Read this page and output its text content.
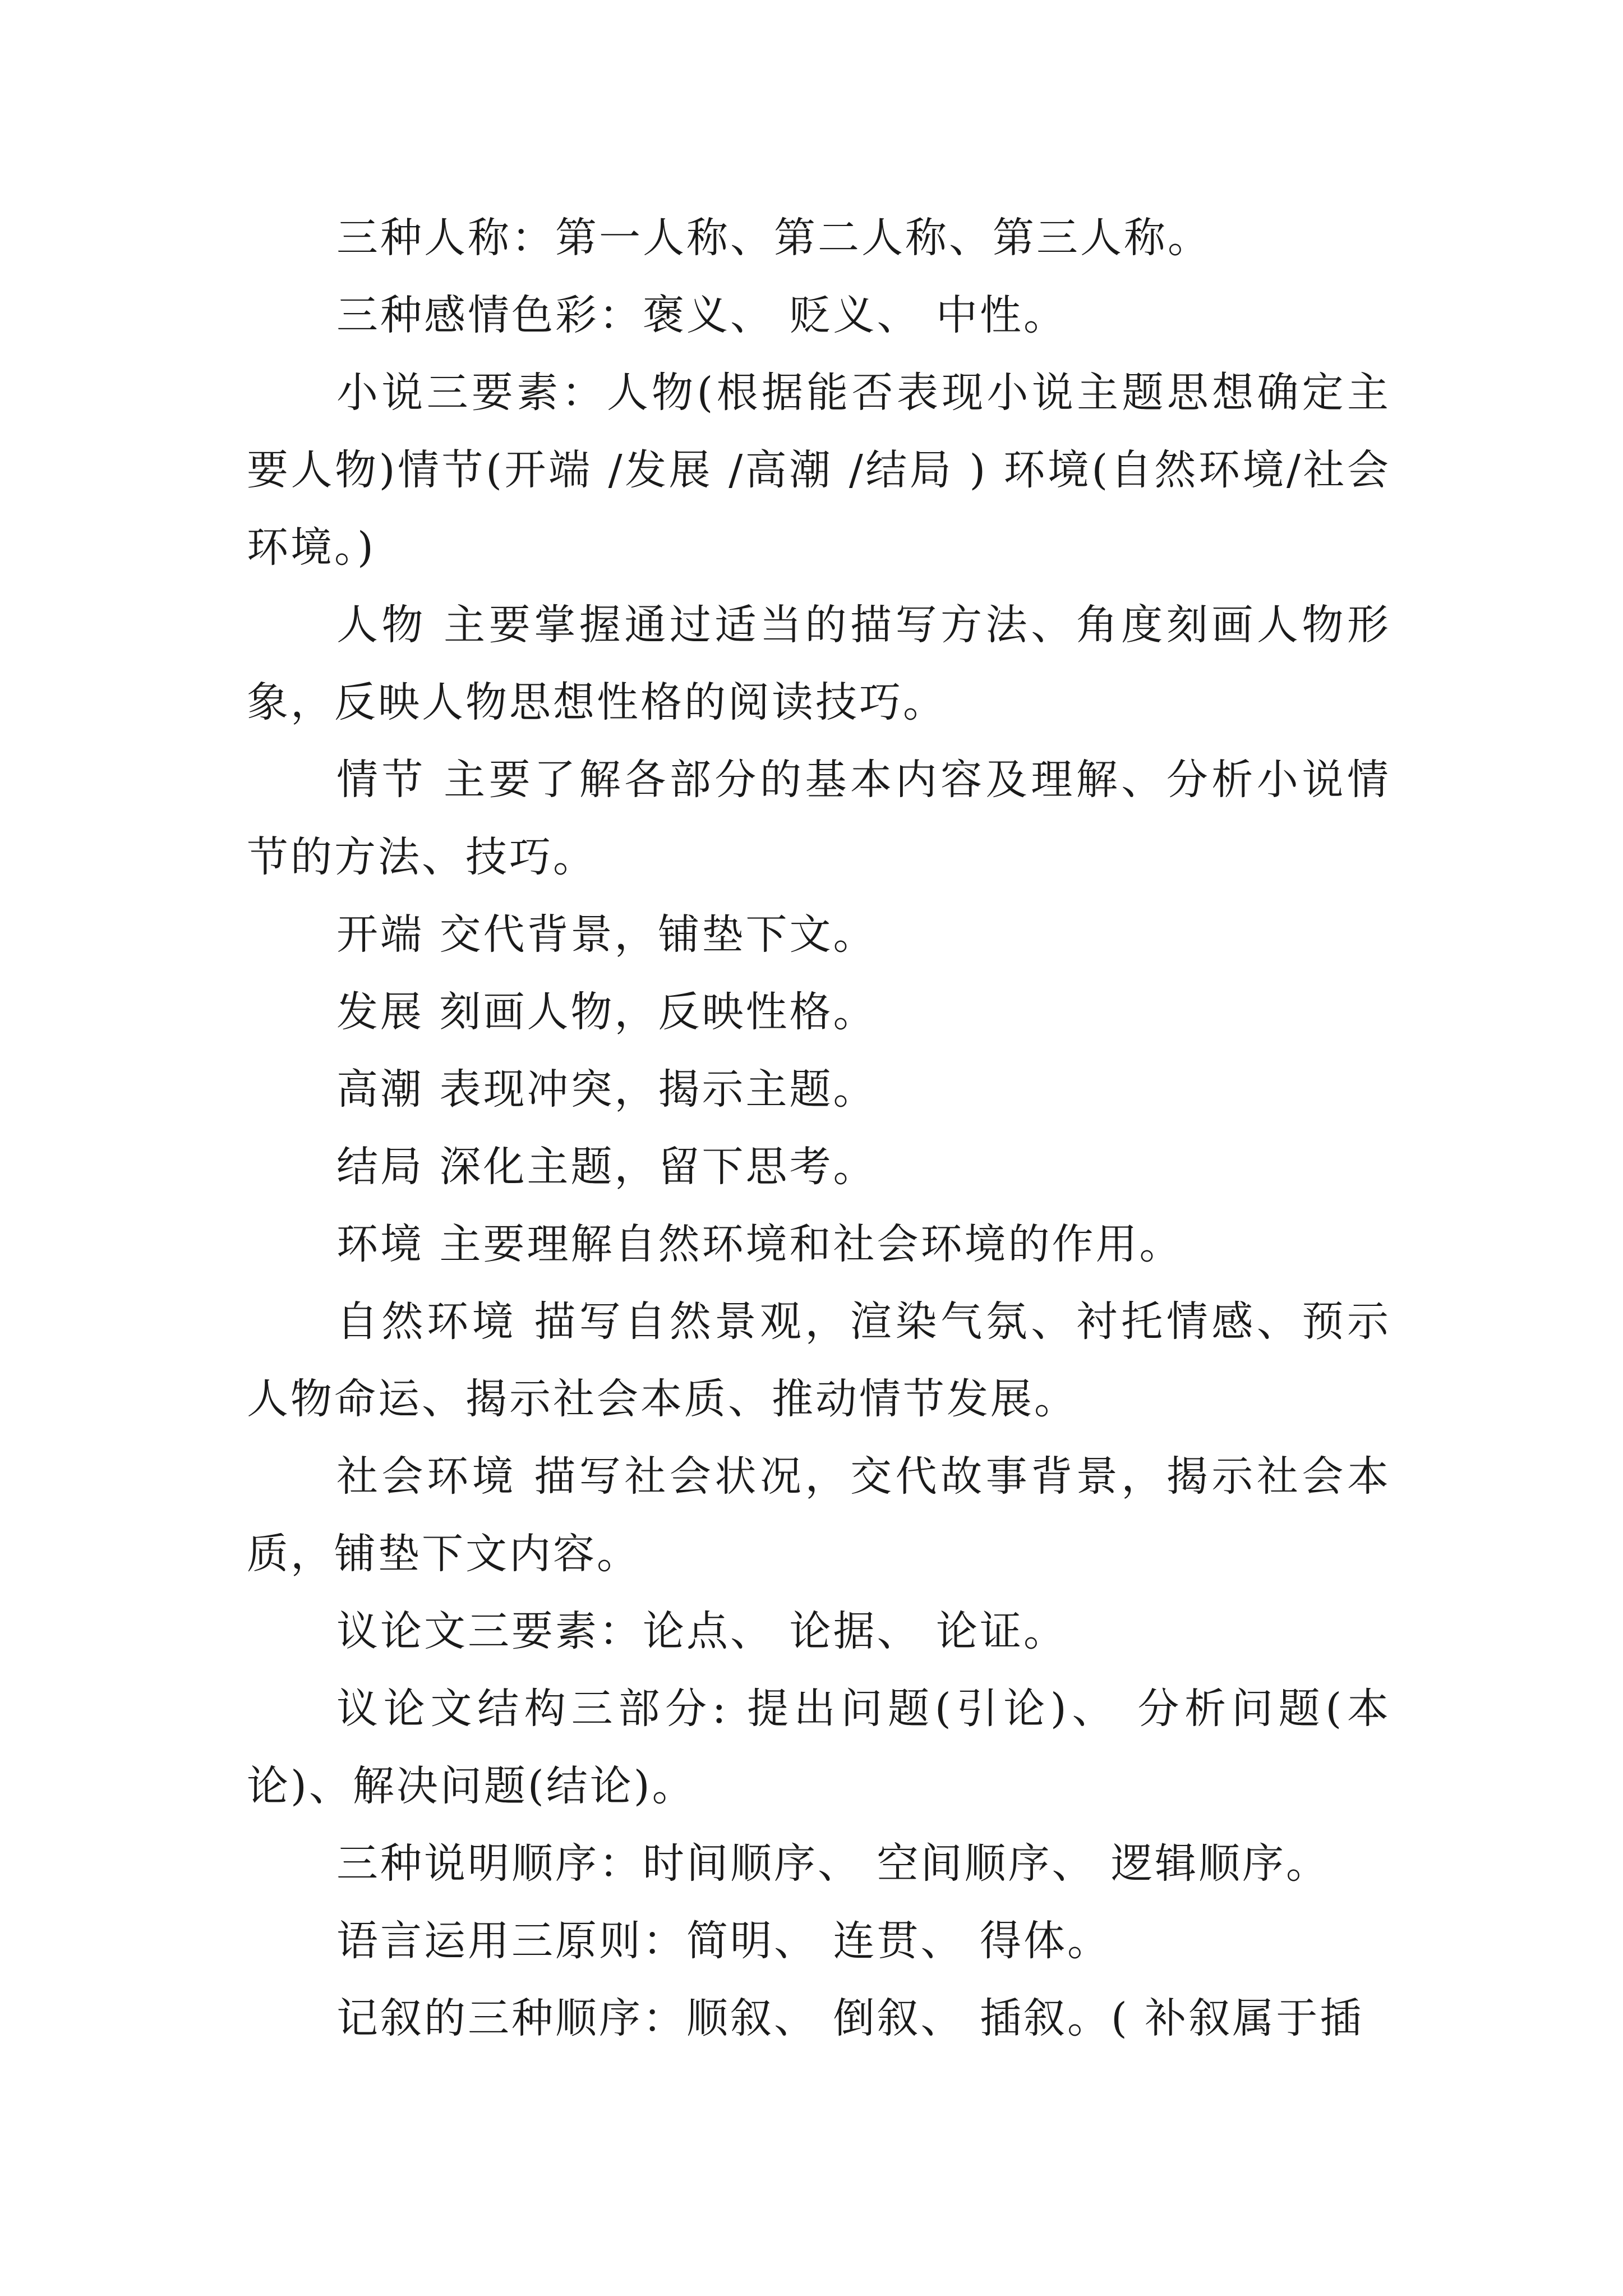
三种人称：第一人称、第二人称、第三人称。

三种感情色彩：褒义、 贬义、 中性。

小说三要素：人物(根据能否表现小说主题思想确定主要人物)情节(开端 /发展 /高潮 /结局 ) 环境(自然环境/社会环境。)

人物 主要掌握通过适当的描写方法、角度刻画人物形象，反映人物思想性格的阅读技巧。

情节 主要了解各部分的基本内容及理解、分析小说情节的方法、技巧。

开端 交代背景，铺垫下文。

发展 刻画人物，反映性格。

高潮 表现冲突，揭示主题。

结局 深化主题，留下思考。

环境 主要理解自然环境和社会环境的作用。

自然环境 描写自然景观，渲染气氛、衬托情感、预示人物命运、揭示社会本质、推动情节发展。

社会环境 描写社会状况，交代故事背景，揭示社会本质，铺垫下文内容。

议论文三要素：论点、 论据、 论证。

议论文结构三部分: 提出问题(引论)、 分析问题(本论)、解决问题(结论)。

三种说明顺序：时间顺序、 空间顺序、 逻辑顺序。

语言运用三原则：简明、 连贯、 得体。

记叙的三种顺序：顺叙、 倒叙、 插叙。( 补叙属于插
